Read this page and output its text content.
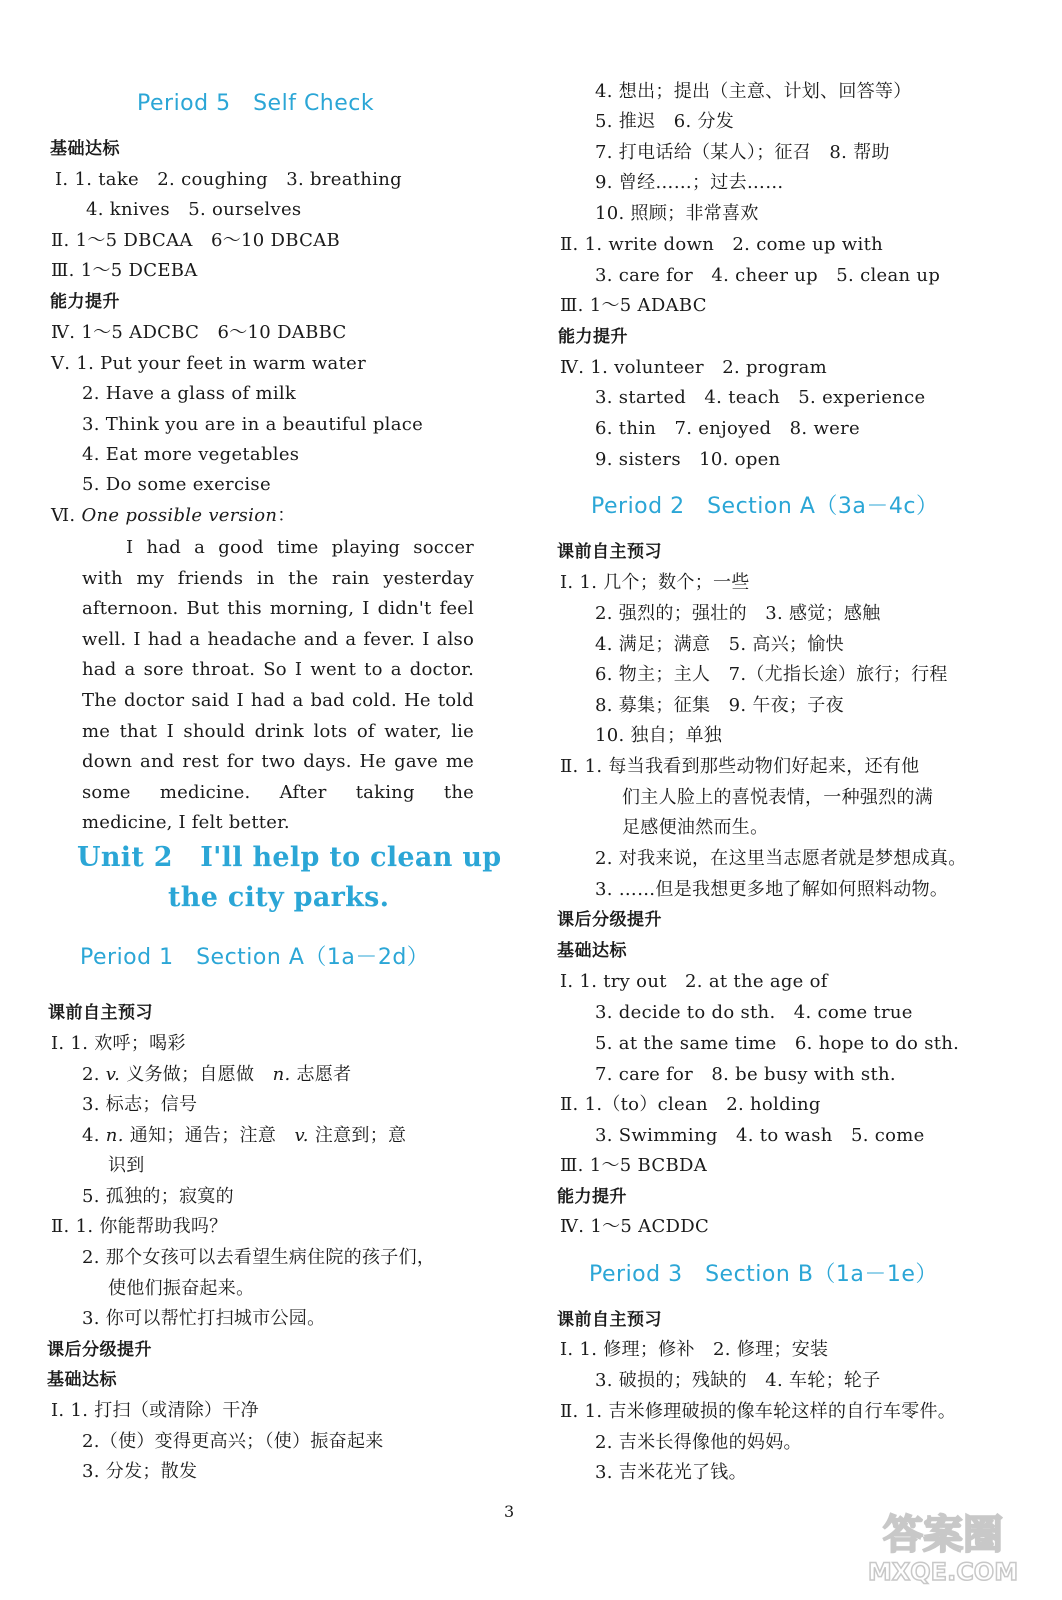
Period 5　Self Check
基础达标
Ⅰ. 1. take　2. coughing　3. breathing
4. knives　5. ourselves
Ⅱ. 1～5 DBCAA　6～10 DBCAB
Ⅲ. 1～5 DCEBA
能力提升
Ⅳ. 1～5 ADCBC　6～10 DABBC
Ⅴ. 1. Put your feet in warm water
2. Have a glass of milk
3. Think you are in a beautiful place
4. Eat more vegetables
5. Do some exercise
Ⅵ. One possible version：
I had a good time playing soccer with my friends in the rain yesterday afternoon. But this morning, I didn't feel well. I had a headache and a fever. I also had a sore throat. So I went to a doctor. The doctor said I had a bad cold. He told me that I should drink lots of water, lie down and rest for two days. He gave me some medicine. After taking the medicine, I felt better.
Unit 2　I'll help to clean up
the city parks.
Period 1　Section A（1a－2d）
课前自主预习
Ⅰ. 1. 欢呼；喝彩
2. v. 义务做；自愿做　n. 志愿者
3. 标志；信号
4. n. 通知；通告；注意　v. 注意到；意
识到
5. 孤独的；寂寞的
Ⅱ. 1. 你能帮助我吗？
2. 那个女孩可以去看望生病住院的孩子们，
使他们振奋起来。
3. 你可以帮忙打扫城市公园。
课后分级提升
基础达标
Ⅰ. 1. 打扫（或清除）干净
2.（使）变得更高兴；（使）振奋起来
3. 分发；散发
4. 想出；提出（主意、计划、回答等）
5. 推迟　6. 分发
7. 打电话给（某人）；征召　8. 帮助
9. 曾经……；过去……
10. 照顾；非常喜欢
Ⅱ. 1. write down　2. come up with
3. care for　4. cheer up　5. clean up
Ⅲ. 1～5 ADABC
能力提升
Ⅳ. 1. volunteer　2. program
3. started　4. teach　5. experience
6. thin　7. enjoyed　8. were
9. sisters　10. open
Period 2　Section A（3a－4c）
课前自主预习
Ⅰ. 1. 几个；数个；一些
2. 强烈的；强壮的　3. 感觉；感触
4. 满足；满意　5. 高兴；愉快
6. 物主；主人　7.（尤指长途）旅行；行程
8. 募集；征集　9. 午夜；子夜
10. 独自；单独
Ⅱ. 1. 每当我看到那些动物们好起来，还有他
们主人脸上的喜悦表情，一种强烈的满
足感便油然而生。
2. 对我来说，在这里当志愿者就是梦想成真。
3. ……但是我想更多地了解如何照料动物。
课后分级提升
基础达标
Ⅰ. 1. try out　2. at the age of
3. decide to do sth.　4. come true
5. at the same time　6. hope to do sth.
7. care for　8. be busy with sth.
Ⅱ. 1.（to）clean　2. holding
3. Swimming　4. to wash　5. come
Ⅲ. 1～5 BCBDA
能力提升
Ⅳ. 1～5 ACDDC
Period 3　Section B（1a－1e）
课前自主预习
Ⅰ. 1. 修理；修补　2. 修理；安装
3. 破损的；残缺的　4. 车轮；轮子
Ⅱ. 1. 吉米修理破损的像车轮这样的自行车零件。
2. 吉米长得像他的妈妈。
3. 吉米花光了钱。
3
答案圈
MXQE.COM
